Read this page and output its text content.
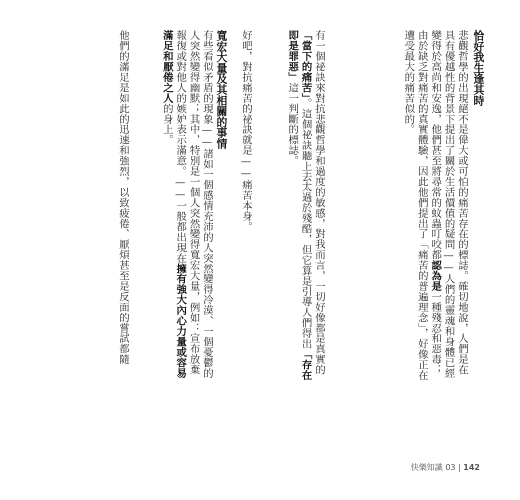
恰好我生逢其時
悲觀哲學的出現絕不是偉大或可怕的痛苦存在的標誌。確切地說，人們是在具有優越性的背景下提出了關於生活價值的疑問——人們的靈魂和身體已經變得於高尚和安逸，他們甚至將尋常的蚊蟲叮咬都認為是一種殘忍和惡毒；由於缺乏對痛苦的真實體驗，因此他們提出了「痛苦的普遍理念」，好像正在遭受最大的痛苦似的。
有一個祕訣來對抗悲觀哲學和過度的敏感，對我而言，一切好像都是真實的「當下的痛苦」。這個祕訣聽上去太過於殘酷，但它算是引導人們得出「存在即是罪惡」這一判斷的標誌。
好吧，對抗痛苦的祕訣就是——痛苦本身。
寬宏大量及其相關的事情
有些看似矛盾的現象——諸如一個感情充沛的人突然變得冷漠、一個憂鬱的人突然變得幽默；其中，特別是一個人突然變得寬宏大量，例如：宣布放棄報復或對他人的嫉妒表示滿意。——一般都出現在擁有強大內心力量或容易滿足和厭倦之人的身上。
他們的滿足是如此的迅速和強烈，以致疲倦、厭煩甚至是反面的嘗試都隨
快樂知識 03 | 142
